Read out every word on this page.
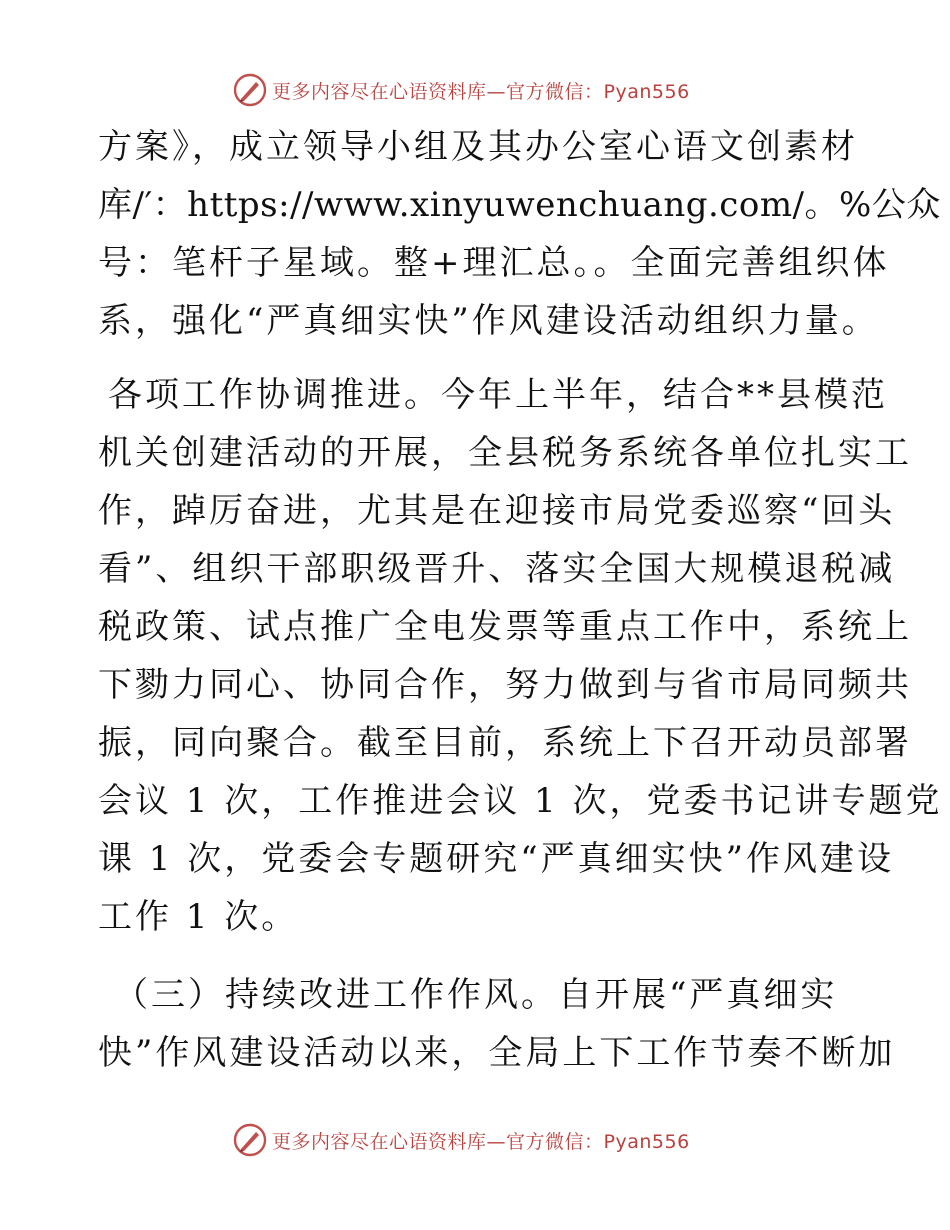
更多内容尽在心语资料库—官方微信：Pyan556
方案》，成立领导小组及其办公室心语文创素材
库/′：https://www.xinyuwenchuang.com/。%公众
号：笔杆子星域。整+理汇总。。全面完善组织体
系，强化“严真细实快”作风建设活动组织力量。
各项工作协调推进。今年上半年，结合**县模范
机关创建活动的开展，全县税务系统各单位扎实工
作，踔厉奋进，尤其是在迎接市局党委巡察“回头
看”、组织干部职级晋升、落实全国大规模退税减
税政策、试点推广全电发票等重点工作中，系统上
下勠力同心、协同合作，努力做到与省市局同频共
振，同向聚合。截至目前，系统上下召开动员部署
会议 1 次，工作推进会议 1 次，党委书记讲专题党
课 1 次，党委会专题研究“严真细实快”作风建设
工作 1 次。
（三）持续改进工作作风。自开展“严真细实
快”作风建设活动以来，全局上下工作节奏不断加
更多内容尽在心语资料库—官方微信：Pyan556
